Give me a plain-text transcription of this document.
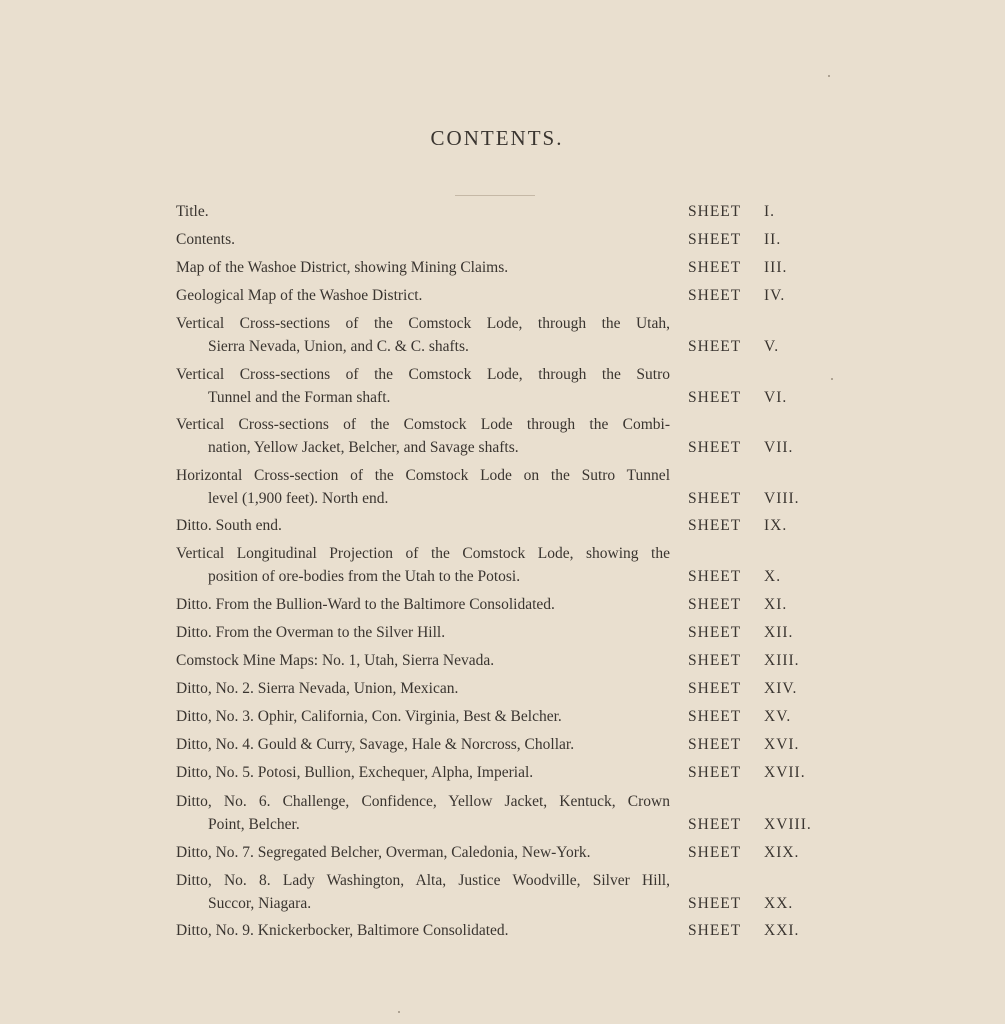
CONTENTS.
Title.	SHEET I.
Contents.	SHEET II.
Map of the Washoe District, showing Mining Claims.	SHEET III.
Geological Map of the Washoe District.	SHEET IV.
Vertical Cross-sections of the Comstock Lode, through the Utah,
Sierra Nevada, Union, and C. & C. shafts.	SHEET V.
Vertical Cross-sections of the Comstock Lode, through the Sutro
Tunnel and the Forman shaft.	SHEET VI.
Vertical Cross-sections of the Comstock Lode through the Combi-
nation, Yellow Jacket, Belcher, and Savage shafts.	SHEET VII.
Horizontal Cross-section of the Comstock Lode on the Sutro Tunnel
level (1,900 feet). North end.	SHEET VIII.
Ditto. South end.	SHEET IX.
Vertical Longitudinal Projection of the Comstock Lode, showing the
position of ore-bodies from the Utah to the Potosi.	SHEET X.
Ditto. From the Bullion-Ward to the Baltimore Consolidated.	SHEET XI.
Ditto. From the Overman to the Silver Hill.	SHEET XII.
Comstock Mine Maps: No. 1, Utah, Sierra Nevada.	SHEET XIII.
Ditto, No. 2. Sierra Nevada, Union, Mexican.	SHEET XIV.
Ditto, No. 3. Ophir, California, Con. Virginia, Best & Belcher.	SHEET XV.
Ditto, No. 4. Gould & Curry, Savage, Hale & Norcross, Chollar.	SHEET XVI.
Ditto, No. 5. Potosi, Bullion, Exchequer, Alpha, Imperial.	SHEET XVII.
Ditto, No. 6. Challenge, Confidence, Yellow Jacket, Kentuck, Crown
Point, Belcher.	SHEET XVIII.
Ditto, No. 7. Segregated Belcher, Overman, Caledonia, New-York.	SHEET XIX.
Ditto, No. 8. Lady Washington, Alta, Justice Woodville, Silver Hill,
Succor, Niagara.	SHEET XX.
Ditto, No. 9. Knickerbocker, Baltimore Consolidated.	SHEET XXI.
